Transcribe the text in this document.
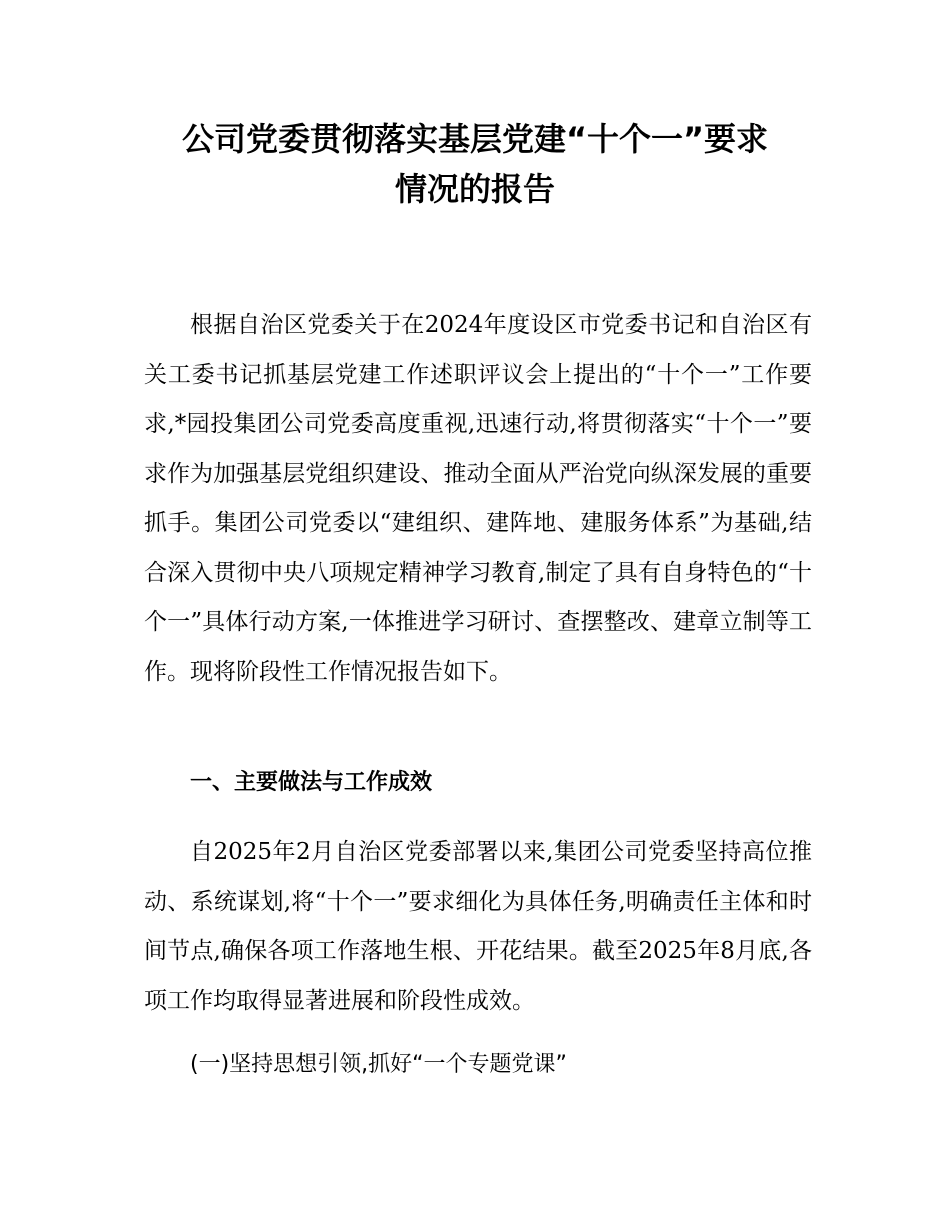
公司党委贯彻落实基层党建“十个一”要求
情况的报告

根据自治区党委关于在2024年度设区市党委书记和自治区有关工委书记抓基层党建工作述职评议会上提出的“十个一”工作要求,*园投集团公司党委高度重视,迅速行动,将贯彻落实“十个一”要求作为加强基层党组织建设、推动全面从严治党向纵深发展的重要抓手。集团公司党委以“建组织、建阵地、建服务体系”为基础,结合深入贯彻中央八项规定精神学习教育,制定了具有自身特色的“十个一”具体行动方案,一体推进学习研讨、查摆整改、建章立制等工作。现将阶段性工作情况报告如下。

一、主要做法与工作成效

自2025年2月自治区党委部署以来,集团公司党委坚持高位推动、系统谋划,将“十个一”要求细化为具体任务,明确责任主体和时间节点,确保各项工作落地生根、开花结果。截至2025年8月底,各项工作均取得显著进展和阶段性成效。

(一)坚持思想引领,抓好“一个专题党课”
